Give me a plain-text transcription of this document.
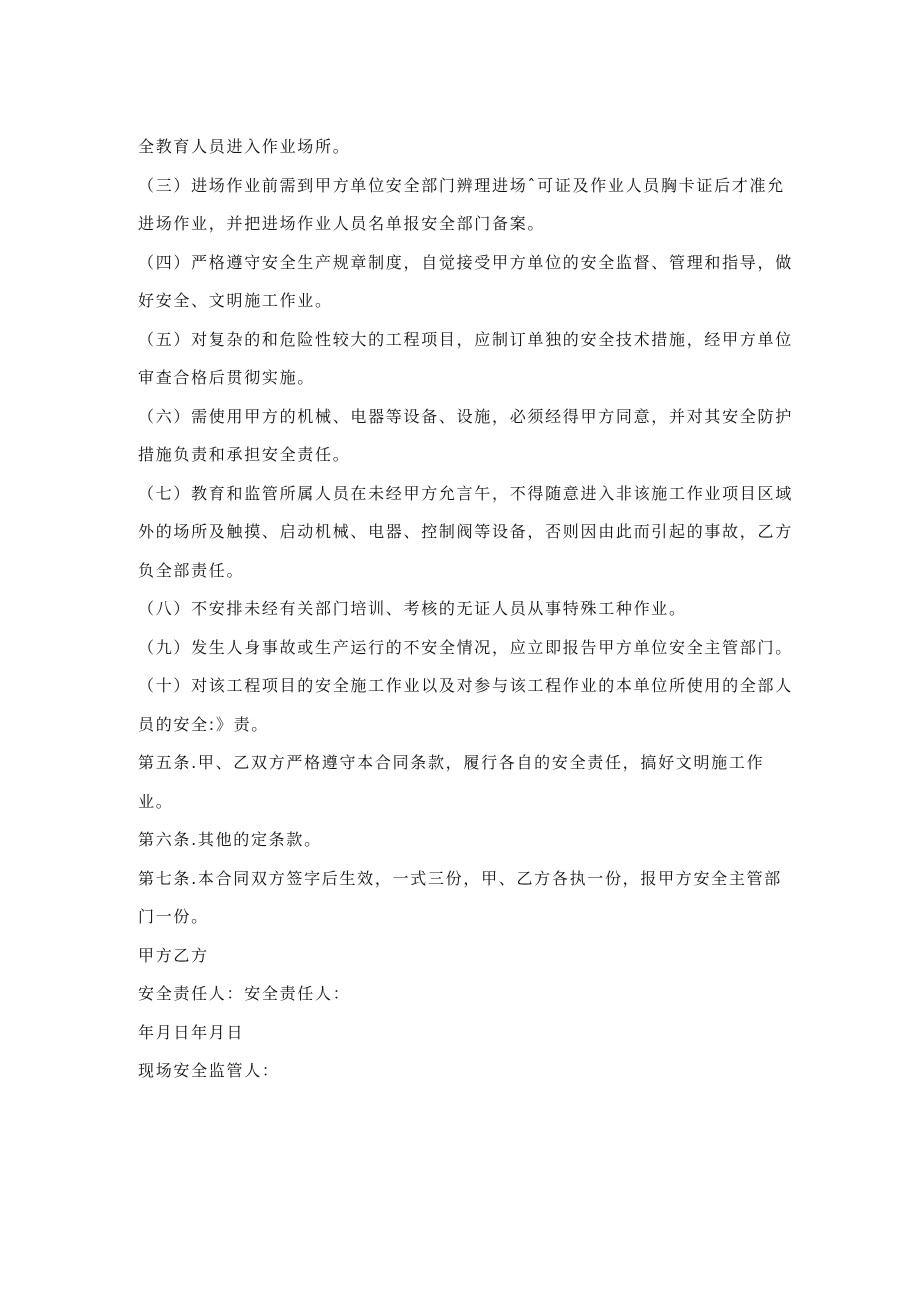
全教育人员进入作业场所。

（三）进场作业前需到甲方单位安全部门辨理进场ˆ可证及作业人员胸卡证后才准允进场作业，并把进场作业人员名单报安全部门备案。

（四）严格遵守安全生产规章制度，自觉接受甲方单位的安全监督、管理和指导，做好安全、文明施工作业。

（五）对复杂的和危险性较大的工程项目，应制订单独的安全技术措施，经甲方单位审查合格后贯彻实施。

（六）需使用甲方的机械、电器等设备、设施，必须经得甲方同意，并对其安全防护措施负责和承担安全责任。

（七）教育和监管所属人员在未经甲方允言午，不得随意进入非该施工作业项目区域外的场所及触摸、启动机械、电器、控制阀等设备，否则因由此而引起的事故，乙方负全部责任。

（八）不安排未经有关部门培训、考核的无证人员从事特殊工种作业。

（九）发生人身事故或生产运行的不安全情况，应立即报告甲方单位安全主管部门。（十）对该工程项目的安全施工作业以及对参与该工程作业的本单位所使用的全部人员的安全:》责。

第五条.甲、乙双方严格遵守本合同条款，履行各自的安全责任，搞好文明施工作业。

第六条.其他的定条款。

第七条.本合同双方签字后生效，一式三份，甲、乙方各执一份，报甲方安全主管部门一份。

甲方乙方

安全责任人：安全责任人：

年月日年月日

现场安全监管人：
